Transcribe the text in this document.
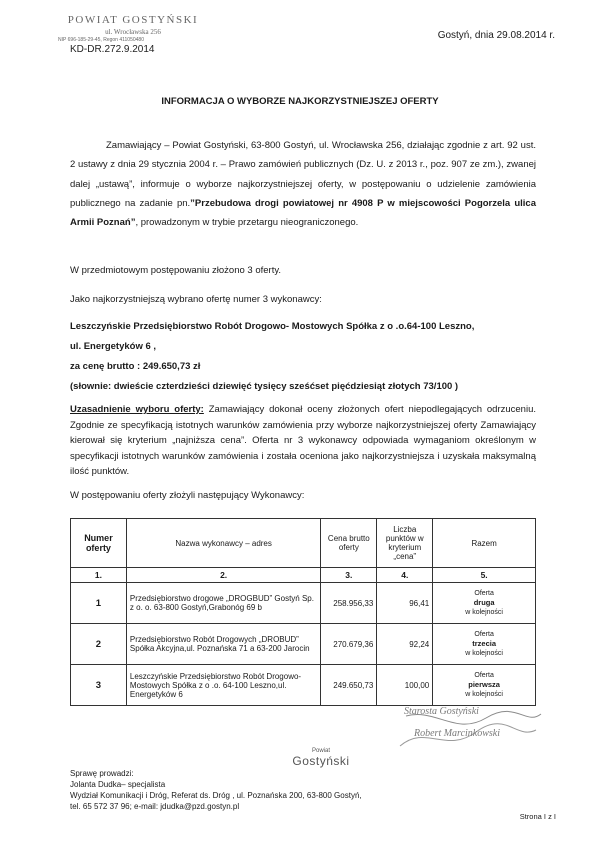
POWIAT GOSTYŃSKI
ul. Wrocławska 256
NIP 696-185-29-45, Regon 411050480
KD-DR.272.9.2014
Gostyń, dnia 29.08.2014 r.
INFORMACJA O WYBORZE NAJKORZYSTNIEJSZEJ OFERTY

Zamawiający – Powiat Gostyński, 63-800 Gostyń, ul. Wrocławska 256, działając zgodnie z art. 92 ust. 2 ustawy z dnia 29 stycznia 2004 r. – Prawo zamówień publicznych (Dz. U. z 2013 r., poz. 907 ze zm.), zwanej dalej „ustawą”, informuje o wyborze najkorzystniejszej oferty, w postępowaniu o udzielenie zamówienia publicznego na zadanie pn.”Przebudowa drogi powiatowej nr 4908 P w miejscowości Pogorzela ulica Armii Poznań”, prowadzonym w trybie przetargu nieograniczonego.

W przedmiotowym postępowaniu złożono 3 oferty.
Jako najkorzystniejszą wybrano ofertę numer 3 wykonawcy:
Leszczyńskie Przedsiębiorstwo Robót Drogowo- Mostowych Spółka z o .o.64-100 Leszno,
ul. Energetyków 6 ,
za cenę brutto : 249.650,73 zł
(słownie: dwieście czterdzieści dziewięć tysięcy sześćset pięćdziesiąt złotych 73/100 )

Uzasadnienie wyboru oferty: Zamawiający dokonał oceny złożonych ofert niepodlegających odrzuceniu. Zgodnie ze specyfikacją istotnych warunków zamówienia przy wyborze najkorzystniejszej oferty Zamawiający kierował się kryterium „najniższa cena”. Oferta nr 3 wykonawcy odpowiada wymaganiom określonym w specyfikacji istotnych warunków zamówienia i została oceniona jako najkorzystniejsza i uzyskała maksymalną ilość punktów.

W postępowaniu oferty złożyli następujący Wykonawcy:
Numer oferty	Nazwa wykonawcy – adres	Cena brutto oferty	Liczba punktów w kryterium „cena”	Razem
1.	2.	3.	4.	5.
1	Przedsiębiorstwo drogowe „DROGBUD” Gostyń Sp. z o. o. 63-800 Gostyń,Grabonóg 69 b	258.956,33	96,41	Oferta
druga
w kolejności

2	Przedsiębiorstwo Robót Drogowych „DROBUD” Spółka Akcyjna,ul. Poznańska 71 a 63-200 Jarocin	270.679,36	92,24	Oferta
trzecia
w kolejności

3	Leszczyńskie Przedsiębiorstwo Robót Drogowo-Mostowych Spółka z o .o. 64-100 Leszno,ul. Energetyków 6	249.650,73	100,00	Oferta
pierwsza
w kolejności
Starosta Gostyński
Robert Marcinkowski
Powiat
Gostyński
Sprawę prowadzi:
Jolanta Dudka– specjalista
Wydział Komunikacji i Dróg, Referat ds. Dróg , ul. Poznańska 200, 63-800 Gostyń,
tel. 65 572 37 96; e-mail: jdudka@pzd.gostyn.pl
Strona I z I
